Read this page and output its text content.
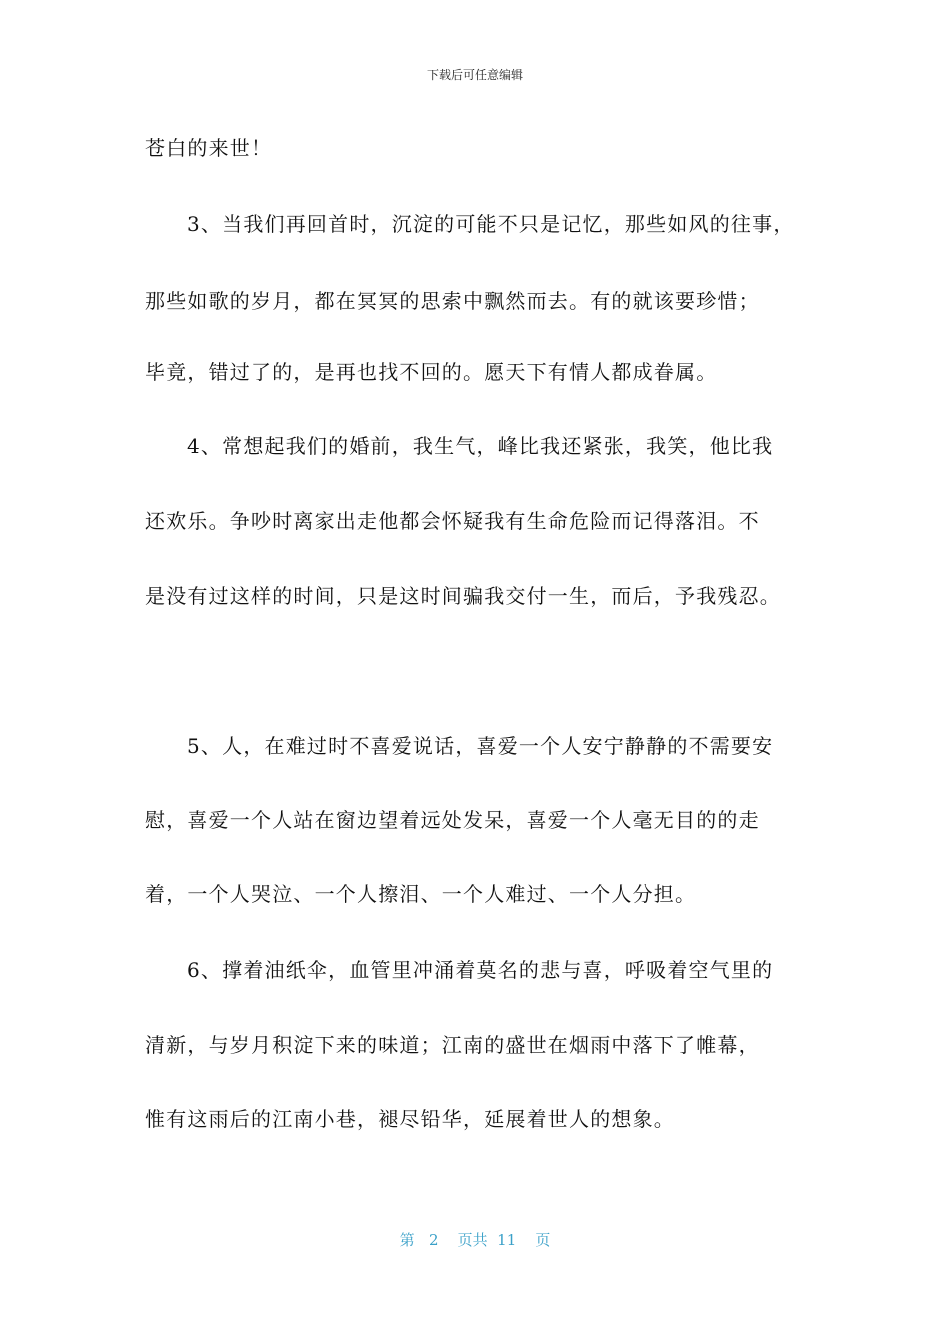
下载后可任意编辑
苍白的来世！
3、当我们再回首时，沉淀的可能不只是记忆，那些如风的往事，
那些如歌的岁月，都在冥冥的思索中飘然而去。有的就该要珍惜；
毕竟，错过了的，是再也找不回的。愿天下有情人都成眷属。
4、常想起我们的婚前，我生气，峰比我还紧张，我笑，他比我
还欢乐。争吵时离家出走他都会怀疑我有生命危险而记得落泪。不
是没有过这样的时间，只是这时间骗我交付一生，而后，予我残忍。
5、人，在难过时不喜爱说话，喜爱一个人安宁静静的不需要安
慰，喜爱一个人站在窗边望着远处发呆，喜爱一个人毫无目的的走
着，一个人哭泣、一个人擦泪、一个人难过、一个人分担。
6、撑着油纸伞，血管里冲涌着莫名的悲与喜，呼吸着空气里的
清新，与岁月积淀下来的味道；江南的盛世在烟雨中落下了帷幕，
惟有这雨后的江南小巷，褪尽铅华，延展着世人的想象。
第 2 页共 11 页
